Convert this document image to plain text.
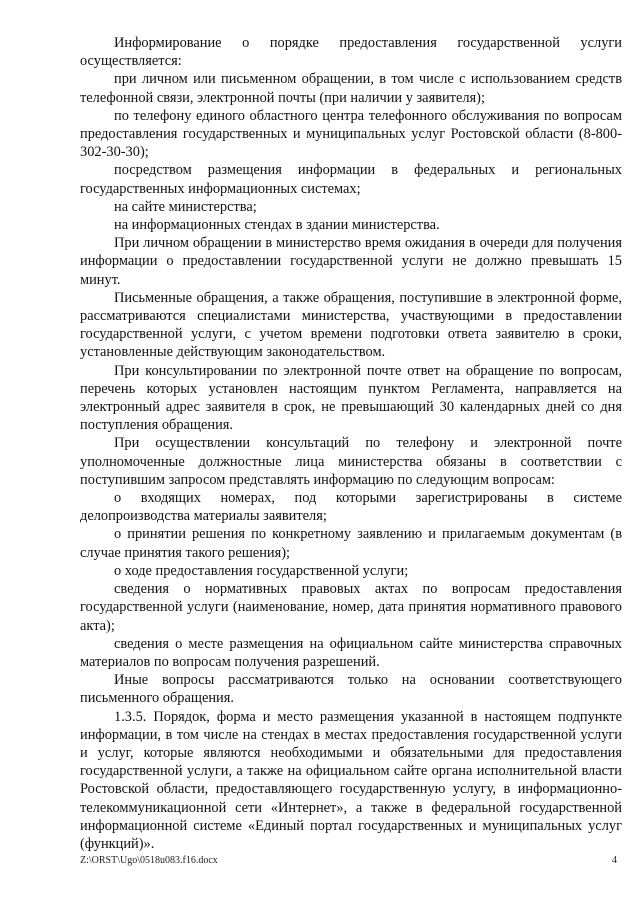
Информирование о порядке предоставления государственной услуги осуществляется:

при личном или письменном обращении, в том числе с использованием средств телефонной связи, электронной почты (при наличии у заявителя);

по телефону единого областного центра телефонного обслуживания по вопросам предоставления государственных и муниципальных услуг Ростовской области (8-800-302-30-30);

посредством размещения информации в федеральных и региональных государственных информационных системах;

на сайте министерства;

на информационных стендах в здании министерства.

При личном обращении в министерство время ожидания в очереди для получения информации о предоставлении государственной услуги не должно превышать 15 минут.

Письменные обращения, а также обращения, поступившие в электронной форме, рассматриваются специалистами министерства, участвующими в предоставлении государственной услуги, с учетом времени подготовки ответа заявителю в сроки, установленные действующим законодательством.

При консультировании по электронной почте ответ на обращение по вопросам, перечень которых установлен настоящим пунктом Регламента, направляется на электронный адрес заявителя в срок, не превышающий 30 календарных дней со дня поступления обращения.

При осуществлении консультаций по телефону и электронной почте уполномоченные должностные лица министерства обязаны в соответствии с поступившим запросом представлять информацию по следующим вопросам:

о входящих номерах, под которыми зарегистрированы в системе делопроизводства материалы заявителя;

о принятии решения по конкретному заявлению и прилагаемым документам (в случае принятия такого решения);

о ходе предоставления государственной услуги;

сведения о нормативных правовых актах по вопросам предоставления государственной услуги (наименование, номер, дата принятия нормативного правового акта);

сведения о месте размещения на официальном сайте министерства справочных материалов по вопросам получения разрешений.

Иные вопросы рассматриваются только на основании соответствующего письменного обращения.

1.3.5. Порядок, форма и место размещения указанной в настоящем подпункте информации, в том числе на стендах в местах предоставления государственной услуги и услуг, которые являются необходимыми и обязательными для предоставления государственной услуги, а также на официальном сайте органа исполнительной власти Ростовской области, предоставляющего государственную услугу, в информационно-телекоммуникационной сети «Интернет», а также в федеральной государственной информационной системе «Единый портал государственных и муниципальных услуг (функций)».

Z:\ORST\Ugo\0518u083.f16.docx	4
